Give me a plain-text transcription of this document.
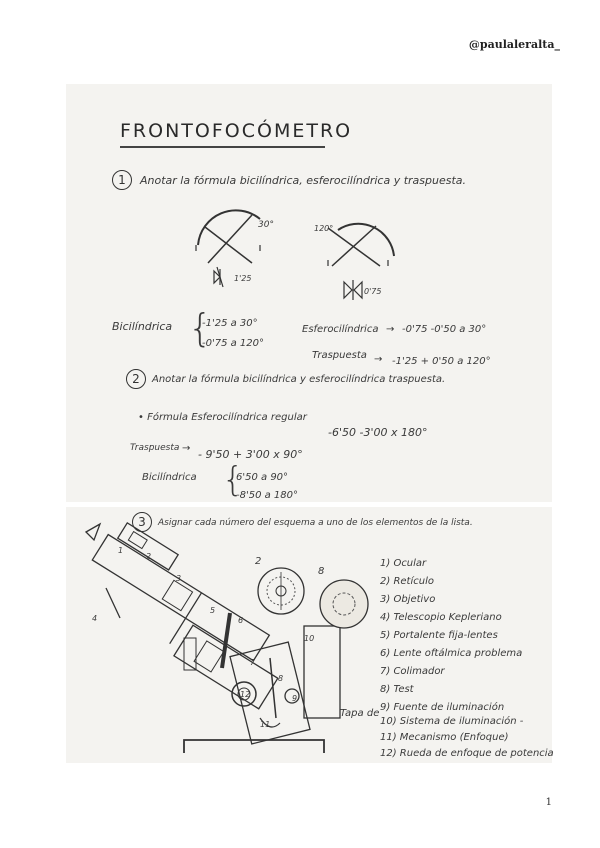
@paulaleralta_
FRONTOFOCÓMETRO
1	Anotar la fórmula bicilíndrica, esferocilíndrica y traspuesta.
30°
1'25
120°
0'75
Bicilíndrica {
-1'25 a 30°
-0'75 a 120°
Esferocilíndrica → -0'75 -0'50 a 30°
Traspuesta → -1'25 + 0'50 a 120°
2	Anotar la fórmula bicilíndrica y esferocilíndrica traspuesta.
• Fórmula Esferocilíndrica regular
-6'50 -3'00 x 180°
Traspuesta → - 9'50 + 3'00 x 90°
Bicilíndrica {
6'50 a 90°
-8'50 a 180°
3	Asignar cada número del esquema a uno de los elementos de la lista.
1
2
3
4
5
6
7
8
9
10
11
12
2
8
1) Ocular
2) Retículo
3) Objetivo
4) Telescopio Kepleriano
5) Portalente fija-lentes
6) Lente oftálmica problema
7) Colimador
8) Test
9) Fuente de iluminación
Tapa de
10) Sistema de iluminación -
11) Mecanismo (Enfoque)
12) Rueda de enfoque de potencia
1
